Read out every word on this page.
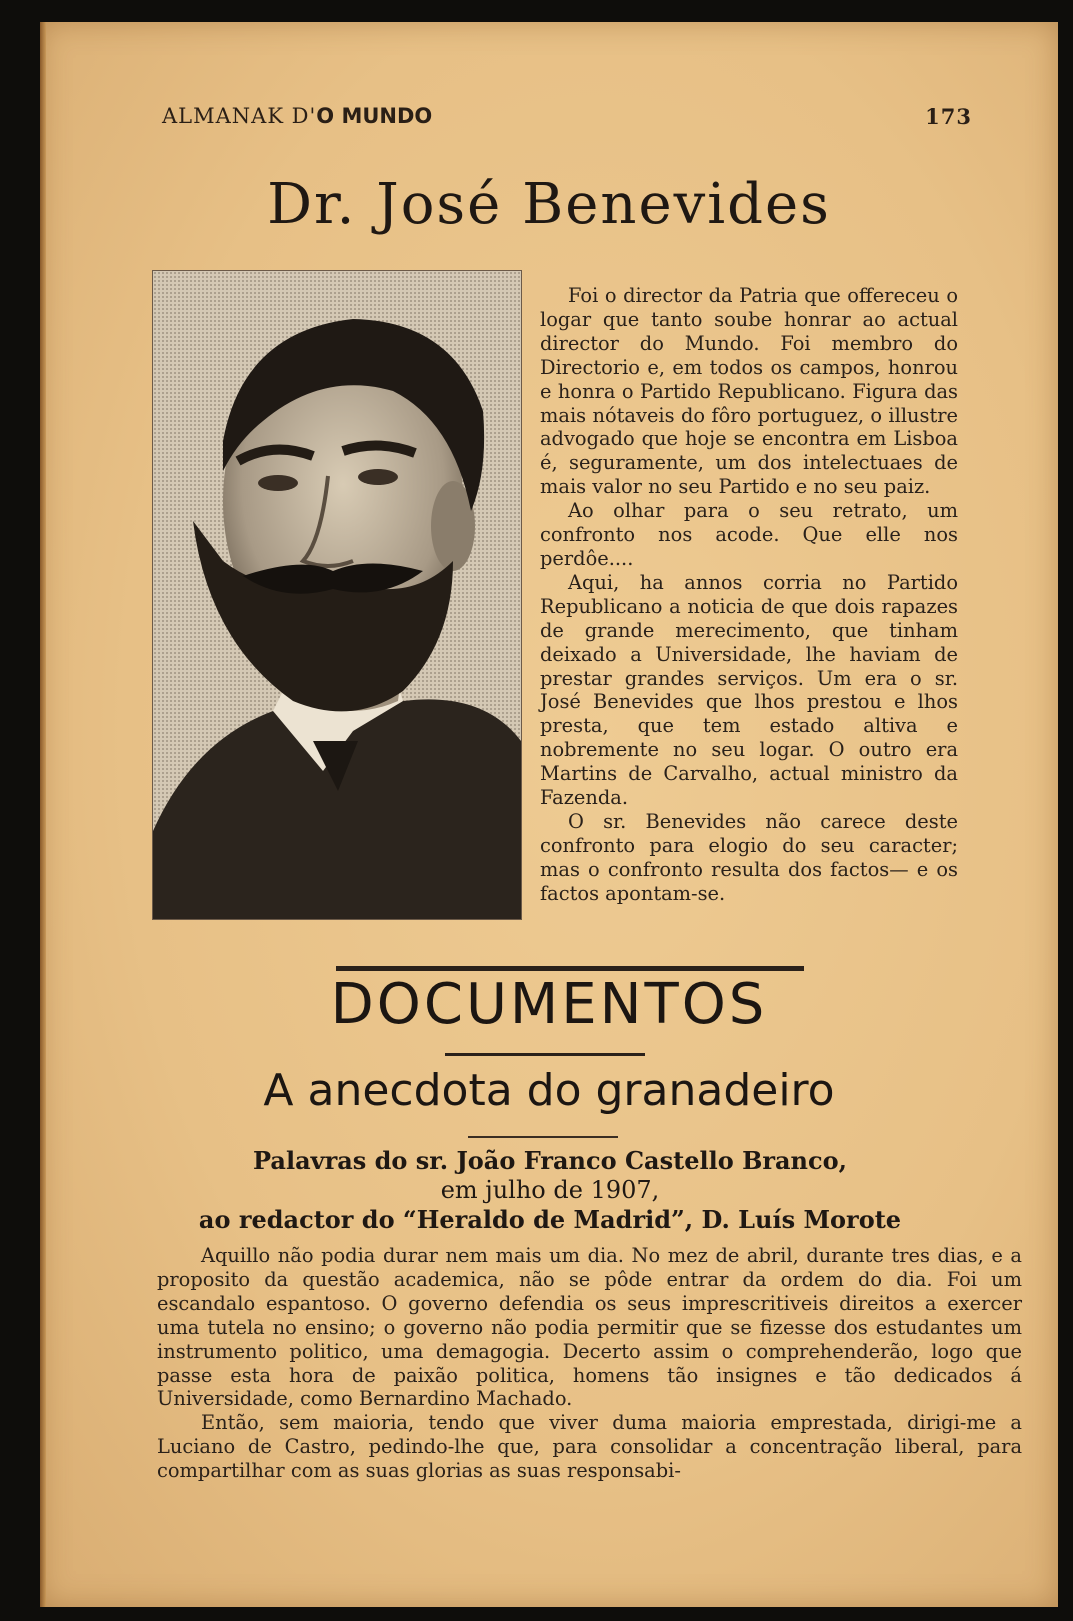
ALMANAK D'O MUNDO	173
Dr. José Benevides

Foi o director da Patria que offereceu o logar que tanto soube honrar ao actual director do Mundo. Foi membro do Directorio e, em todos os campos, honrou e honra o Partido Republicano. Figura das mais nótaveis do fôro portuguez, o illustre advogado que hoje se encontra em Lisboa é, seguramente, um dos intelectuaes de mais valor no seu Partido e no seu paiz.

Ao olhar para o seu retrato, um confronto nos acode. Que elle nos perdôe....

Aqui, ha annos corria no Partido Republicano a noticia de que dois rapazes de grande merecimento, que tinham deixado a Universidade, lhe haviam de prestar grandes serviços. Um era o sr. José Benevides que lhos prestou e lhos presta, que tem estado altiva e nobremente no seu logar. O outro era Martins de Carvalho, actual ministro da Fazenda.

O sr. Benevides não carece deste confronto para elogio do seu caracter; mas o confronto resulta dos factos— e os factos apontam-se.

DOCUMENTOS
A anecdota do granadeiro
Palavras do sr. João Franco Castello Branco,
em julho de 1907,
ao redactor do “Heraldo de Madrid”, D. Luís Morote

Aquillo não podia durar nem mais um dia. No mez de abril, durante tres dias, e a proposito da questão academica, não se pôde entrar da ordem do dia. Foi um escandalo espantoso. O governo defendia os seus imprescritiveis direitos a exercer uma tutela no ensino; o governo não podia permitir que se fizesse dos estudantes um instrumento politico, uma demagogia. Decerto assim o comprehenderão, logo que passe esta hora de paixão politica, homens tão insignes e tão dedicados á Universidade, como Bernardino Machado.

Então, sem maioria, tendo que viver duma maioria emprestada, dirigi-me a Luciano de Castro, pedindo-lhe que, para consolidar a concentração liberal, para compartilhar com as suas glorias as suas responsabi-
